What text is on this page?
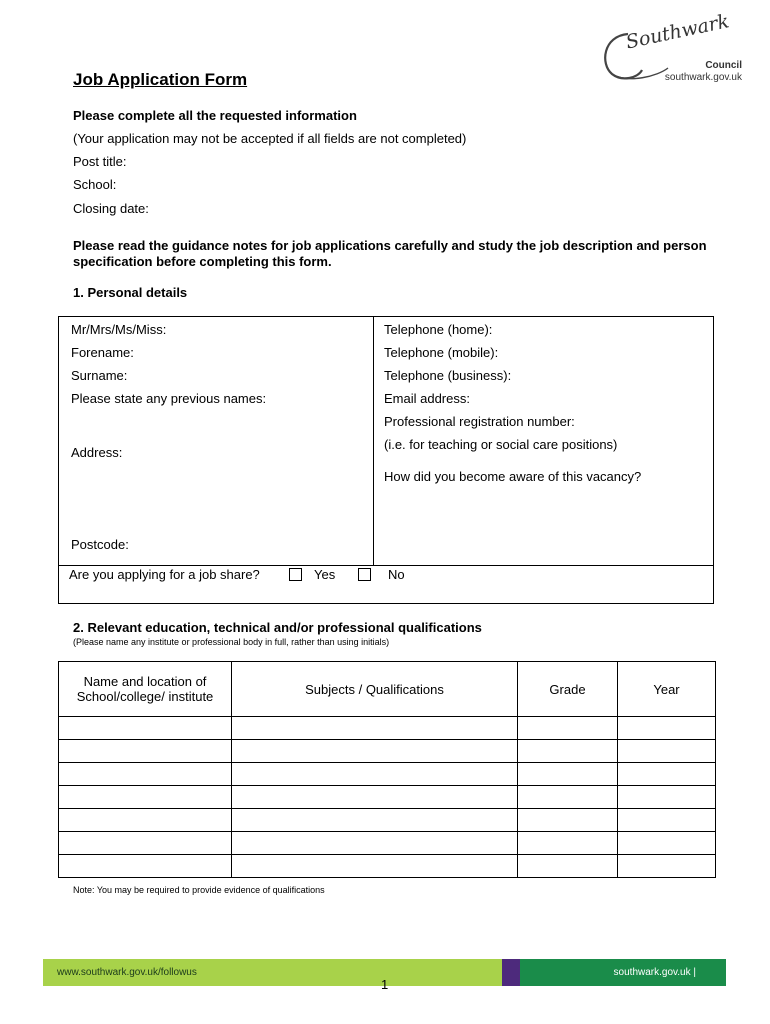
Southwark
Council
southwark.gov.uk
Job Application Form
Please complete all the requested information
(Your application may not be accepted if all fields are not completed)
Post title:
School:
Closing date:
Please read the guidance notes for job applications carefully and study the job description and person specification before completing this form.
1. Personal details
Mr/Mrs/Ms/Miss:
Forename:
Surname:
Please state any previous names:
Address:
Postcode:
Telephone (home):
Telephone (mobile):
Telephone (business):
Email address:
Professional registration number:
(i.e. for teaching or social care positions)
How did you become aware of this vacancy?
Are you applying for a job share?	Yes	No
2. Relevant education, technical and/or professional qualifications
(Please name any institute or professional body in full, rather than using initials)
Name and location of School/college/ institute	Subjects / Qualifications	Grade	Year

Note: You may be required to provide evidence of qualifications
www.southwark.gov.uk/followus	southwark.gov.uk |
1
